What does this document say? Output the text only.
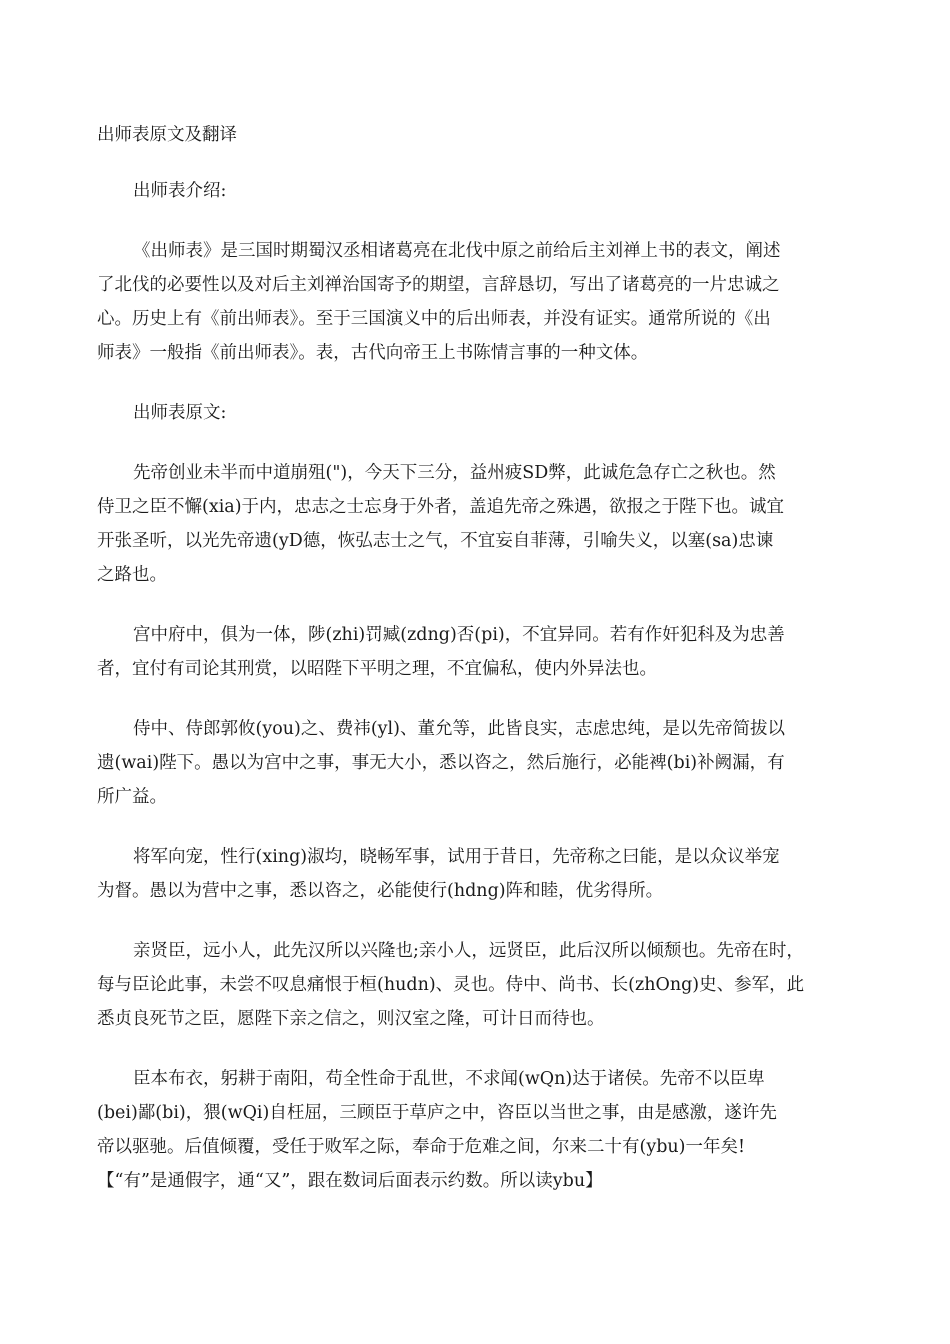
出师表原文及翻译

出师表介绍:

《出师表》是三国时期蜀汉丞相诸葛亮在北伐中原之前给后主刘禅上书的表文，阐述

了北伐的必要性以及对后主刘禅治国寄予的期望，言辞恳切，写出了诸葛亮的一片忠诚之

心。历史上有《前出师表》。至于三国演义中的后出师表，并没有证实。通常所说的《出

师表》一般指《前出师表》。表，古代向帝王上书陈情言事的一种文体。

出师表原文:

先帝创业未半而中道崩殂(")，今天下三分，益州疲SD弊，此诚危急存亡之秋也。然

侍卫之臣不懈(xia)于内，忠志之士忘身于外者，盖追先帝之殊遇，欲报之于陛下也。诚宜

开张圣听，以光先帝遗(yD德，恢弘志士之气，不宜妄自菲薄，引喻失义，以塞(sa)忠谏

之路也。

宫中府中，俱为一体，陟(zhi)罚臧(zdng)否(pi)，不宜异同。若有作奸犯科及为忠善

者，宜付有司论其刑赏，以昭陛下平明之理，不宜偏私，使内外异法也。

侍中、侍郎郭攸(you)之、费祎(yl)、董允等，此皆良实，志虑忠纯，是以先帝简拔以

遗(wai)陛下。愚以为宫中之事，事无大小，悉以咨之，然后施行，必能裨(bi)补阙漏，有

所广益。

将军向宠，性行(xing)淑均，晓畅军事，试用于昔日，先帝称之曰能，是以众议举宠

为督。愚以为营中之事，悉以咨之，必能使行(hdng)阵和睦，优劣得所。

亲贤臣，远小人，此先汉所以兴隆也;亲小人，远贤臣，此后汉所以倾颓也。先帝在时，

每与臣论此事，未尝不叹息痛恨于桓(hudn)、灵也。侍中、尚书、长(zhOng)史、参军，此

悉贞良死节之臣，愿陛下亲之信之，则汉室之隆，可计日而待也。

臣本布衣，躬耕于南阳，苟全性命于乱世，不求闻(wQn)达于诸侯。先帝不以臣卑

(bei)鄙(bi)，猥(wQi)自枉屈，三顾臣于草庐之中，咨臣以当世之事，由是感激，遂许先

帝以驱驰。后值倾覆，受任于败军之际，奉命于危难之间，尔来二十有(ybu)一年矣!

【“有”是通假字，通“又”，跟在数词后面表示约数。所以读ybu】
